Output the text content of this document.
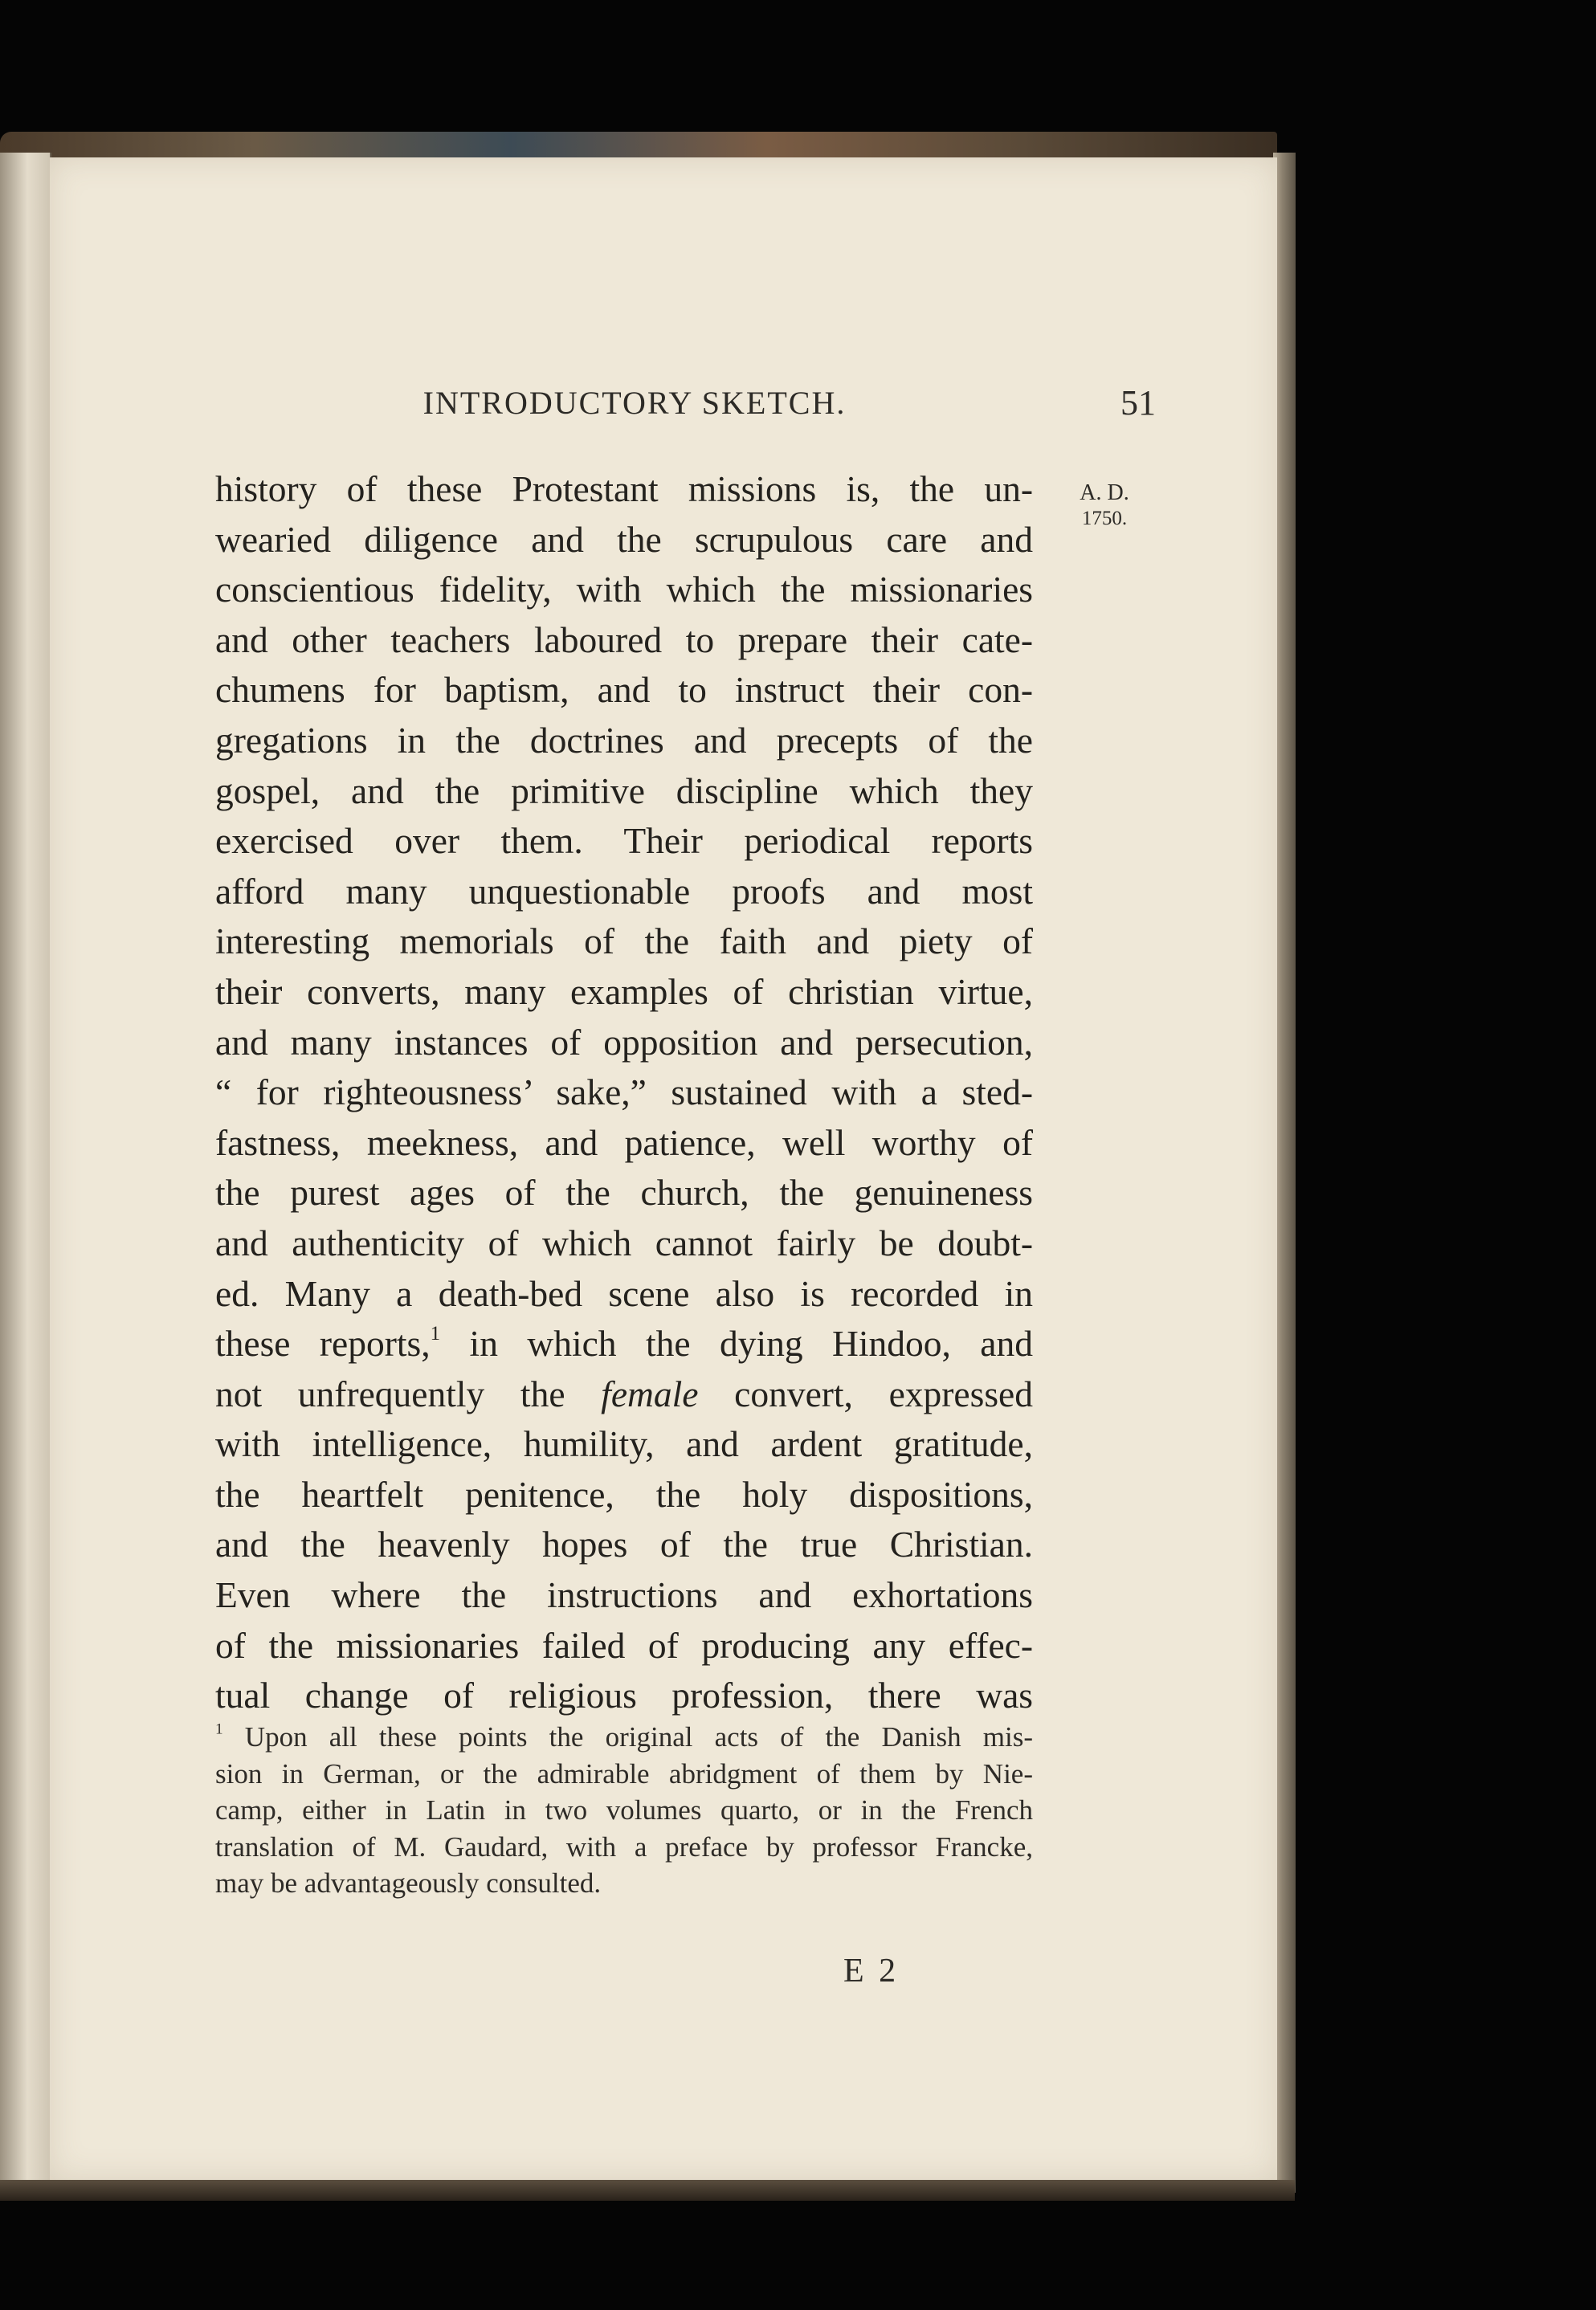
INTRODUCTORY SKETCH.	51
A. D.
1750.
history of these Protestant missions is, the un-
wearied diligence and the scrupulous care and
conscientious fidelity, with which the missionaries
and other teachers laboured to prepare their cate-
chumens for baptism, and to instruct their con-
gregations in the doctrines and precepts of the
gospel, and the primitive discipline which they
exercised over them. Their periodical reports
afford many unquestionable proofs and most
interesting memorials of the faith and piety of
their converts, many examples of christian virtue,
and many instances of opposition and persecution,
“ for righteousness’ sake,” sustained with a sted-
fastness, meekness, and patience, well worthy of
the purest ages of the church, the genuineness
and authenticity of which cannot fairly be doubt-
ed. Many a death-bed scene also is recorded in
these reports,$^1$ in which the dying Hindoo, and
not unfrequently the female convert, expressed
with intelligence, humility, and ardent gratitude,
the heartfelt penitence, the holy dispositions,
and the heavenly hopes of the true Christian.
Even where the instructions and exhortations
of the missionaries failed of producing any effec-
tual change of religious profession, there was
$^1$ Upon all these points the original acts of the Danish mis-
sion in German, or the admirable abridgment of them by Nie-
camp, either in Latin in two volumes quarto, or in the French
translation of M. Gaudard, with a preface by professor Francke,
may be advantageously consulted.
E 2
